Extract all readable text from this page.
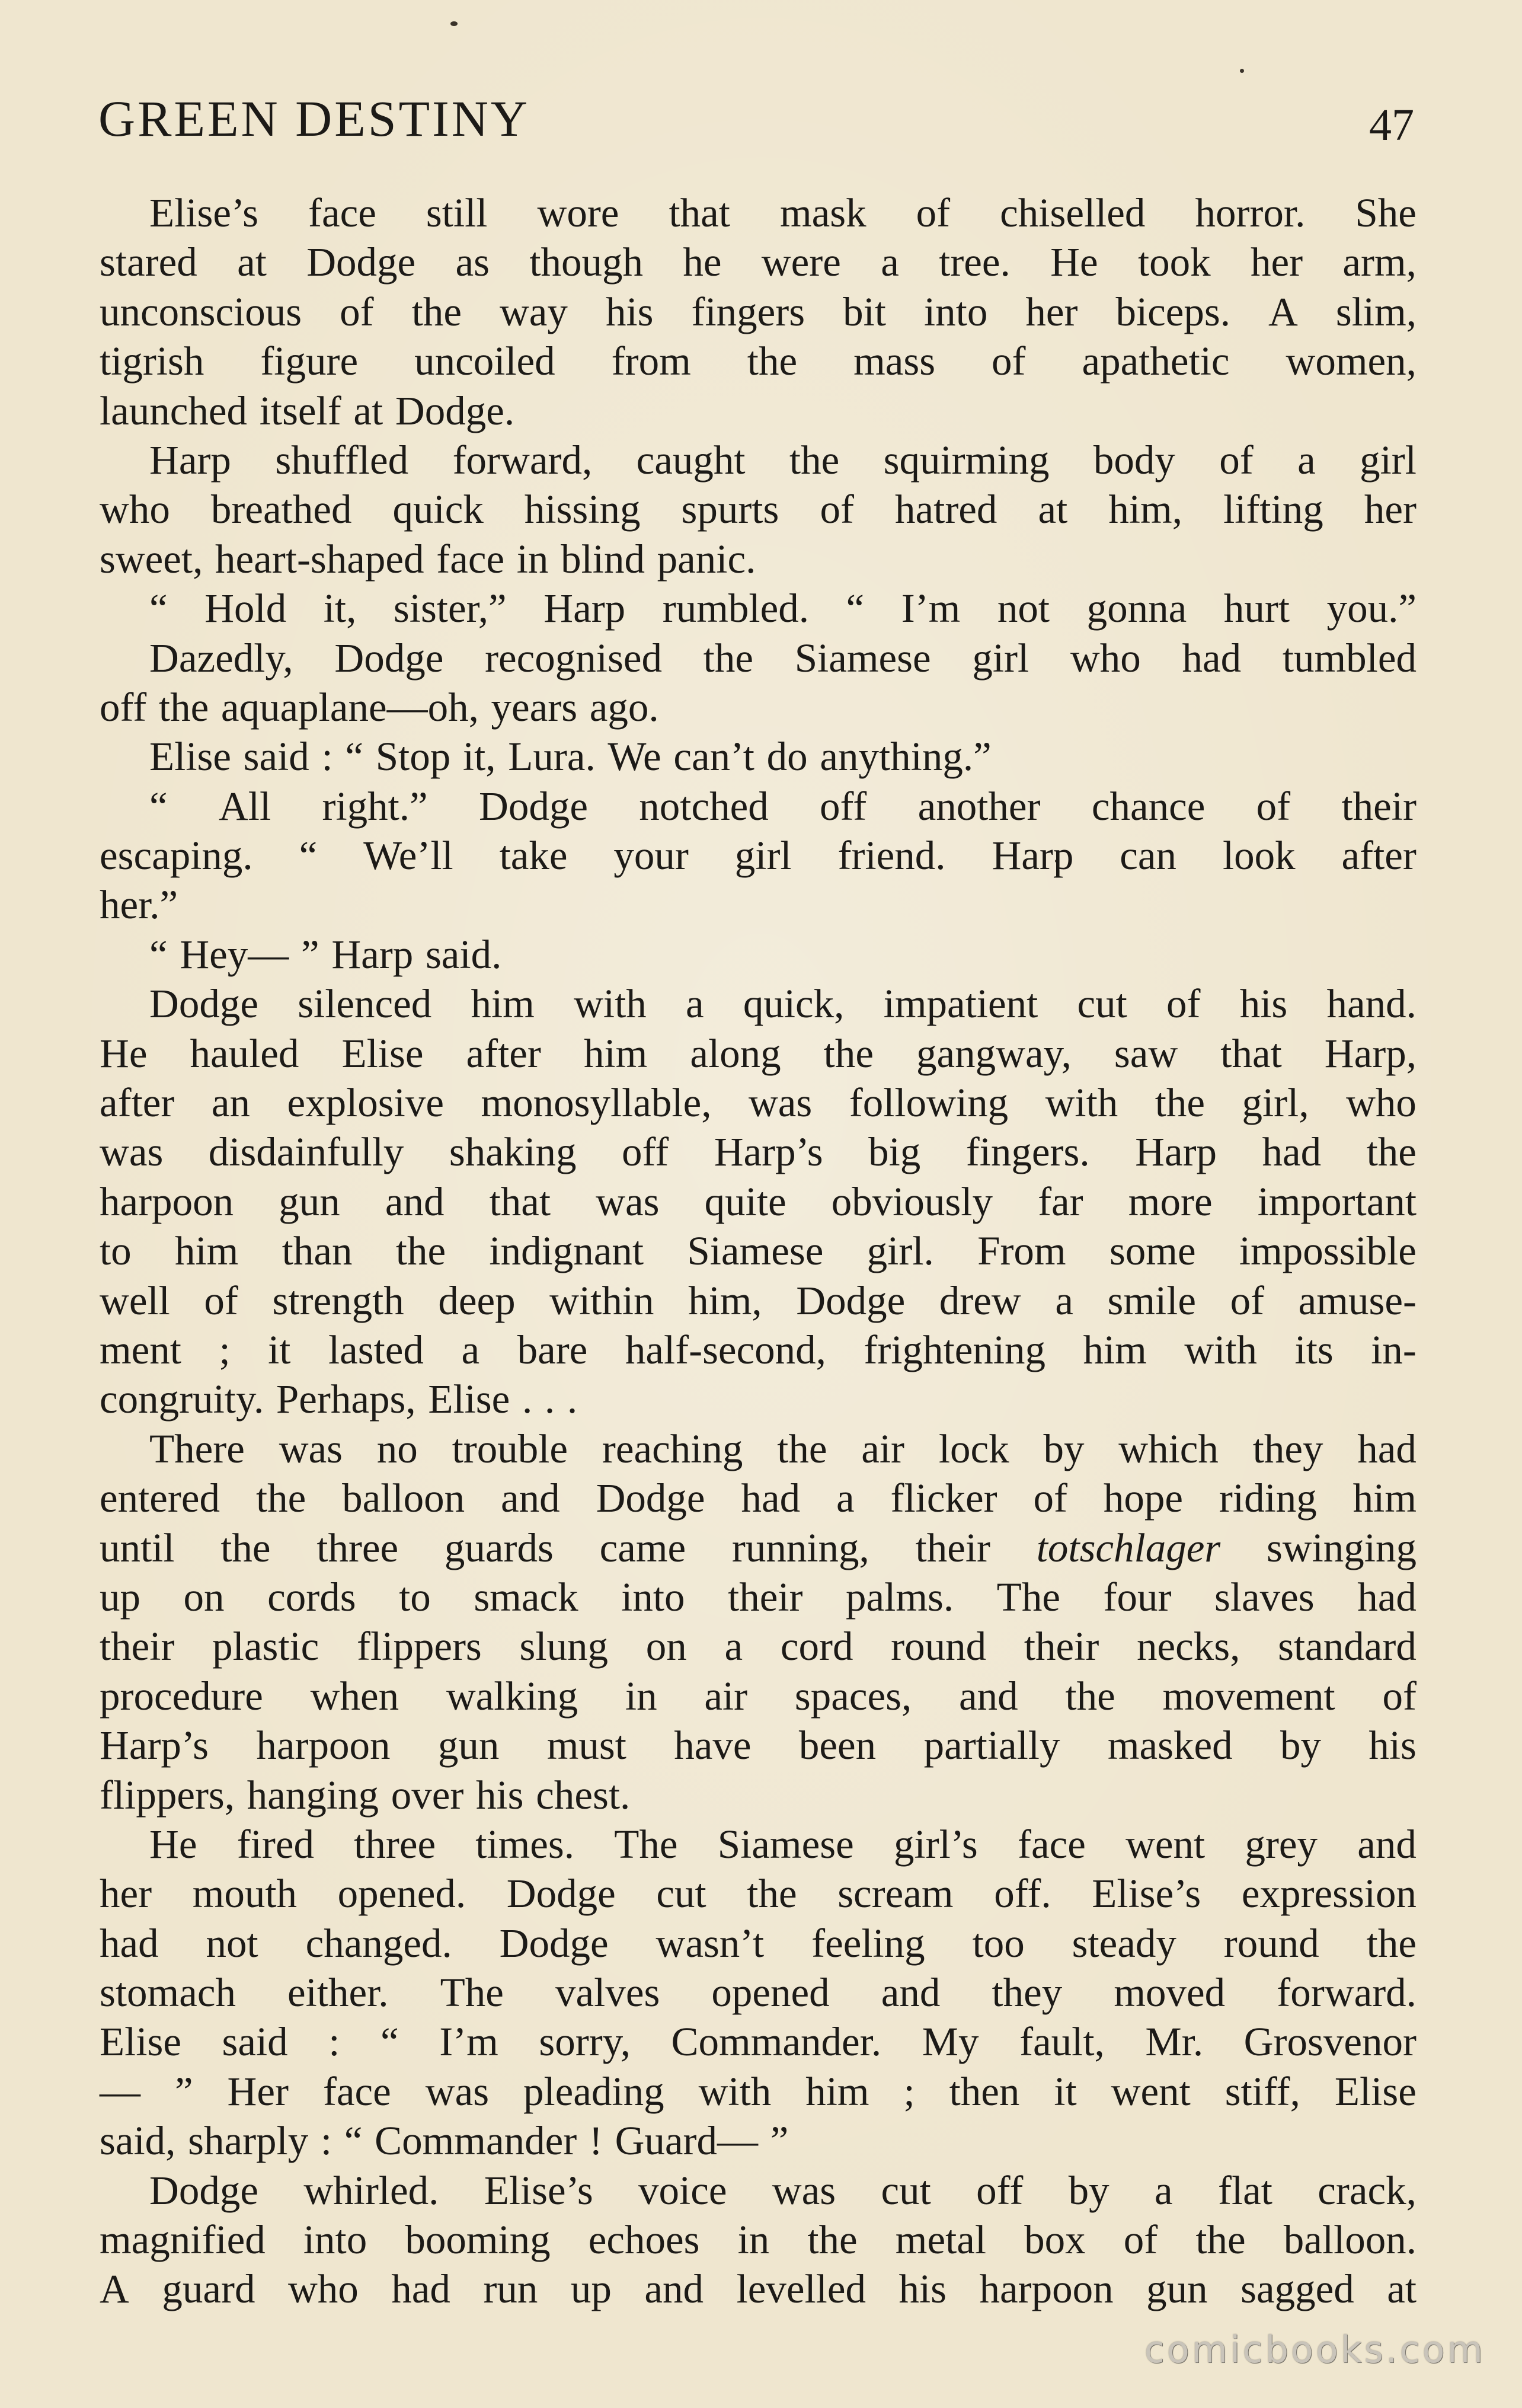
GREEN DESTINY	47
Elise’s face still wore that mask of chiselled horror. She
stared at Dodge as though he were a tree. He took her arm,
unconscious of the way his fingers bit into her biceps. A slim,
tigrish figure uncoiled from the mass of apathetic women,
launched itself at Dodge.
Harp shuffled forward, caught the squirming body of a girl
who breathed quick hissing spurts of hatred at him, lifting her
sweet, heart-shaped face in blind panic.
“ Hold it, sister,” Harp rumbled. “ I’m not gonna hurt you.”
Dazedly, Dodge recognised the Siamese girl who had tumbled
off the aquaplane—oh, years ago.
Elise said : “ Stop it, Lura. We can’t do anything.”
“ All right.” Dodge notched off another chance of their
escaping. “ We’ll take your girl friend. Harp can look after
her.”
“ Hey— ” Harp said.
Dodge silenced him with a quick, impatient cut of his hand.
He hauled Elise after him along the gangway, saw that Harp,
after an explosive monosyllable, was following with the girl, who
was disdainfully shaking off Harp’s big fingers. Harp had the
harpoon gun and that was quite obviously far more important
to him than the indignant Siamese girl. From some impossible
well of strength deep within him, Dodge drew a smile of amuse-
ment ; it lasted a bare half-second, frightening him with its in-
congruity. Perhaps, Elise . . .
There was no trouble reaching the air lock by which they had
entered the balloon and Dodge had a flicker of hope riding him
until the three guards came running, their totschlager swinging
up on cords to smack into their palms. The four slaves had
their plastic flippers slung on a cord round their necks, standard
procedure when walking in air spaces, and the movement of
Harp’s harpoon gun must have been partially masked by his
flippers, hanging over his chest.
He fired three times. The Siamese girl’s face went grey and
her mouth opened. Dodge cut the scream off. Elise’s expression
had not changed. Dodge wasn’t feeling too steady round the
stomach either. The valves opened and they moved forward.
Elise said : “ I’m sorry, Commander. My fault, Mr. Grosvenor
— ” Her face was pleading with him ; then it went stiff, Elise
said, sharply : “ Commander ! Guard— ”
Dodge whirled. Elise’s voice was cut off by a flat crack,
magnified into booming echoes in the metal box of the balloon.
A guard who had run up and levelled his harpoon gun sagged at
comicbooks.com
